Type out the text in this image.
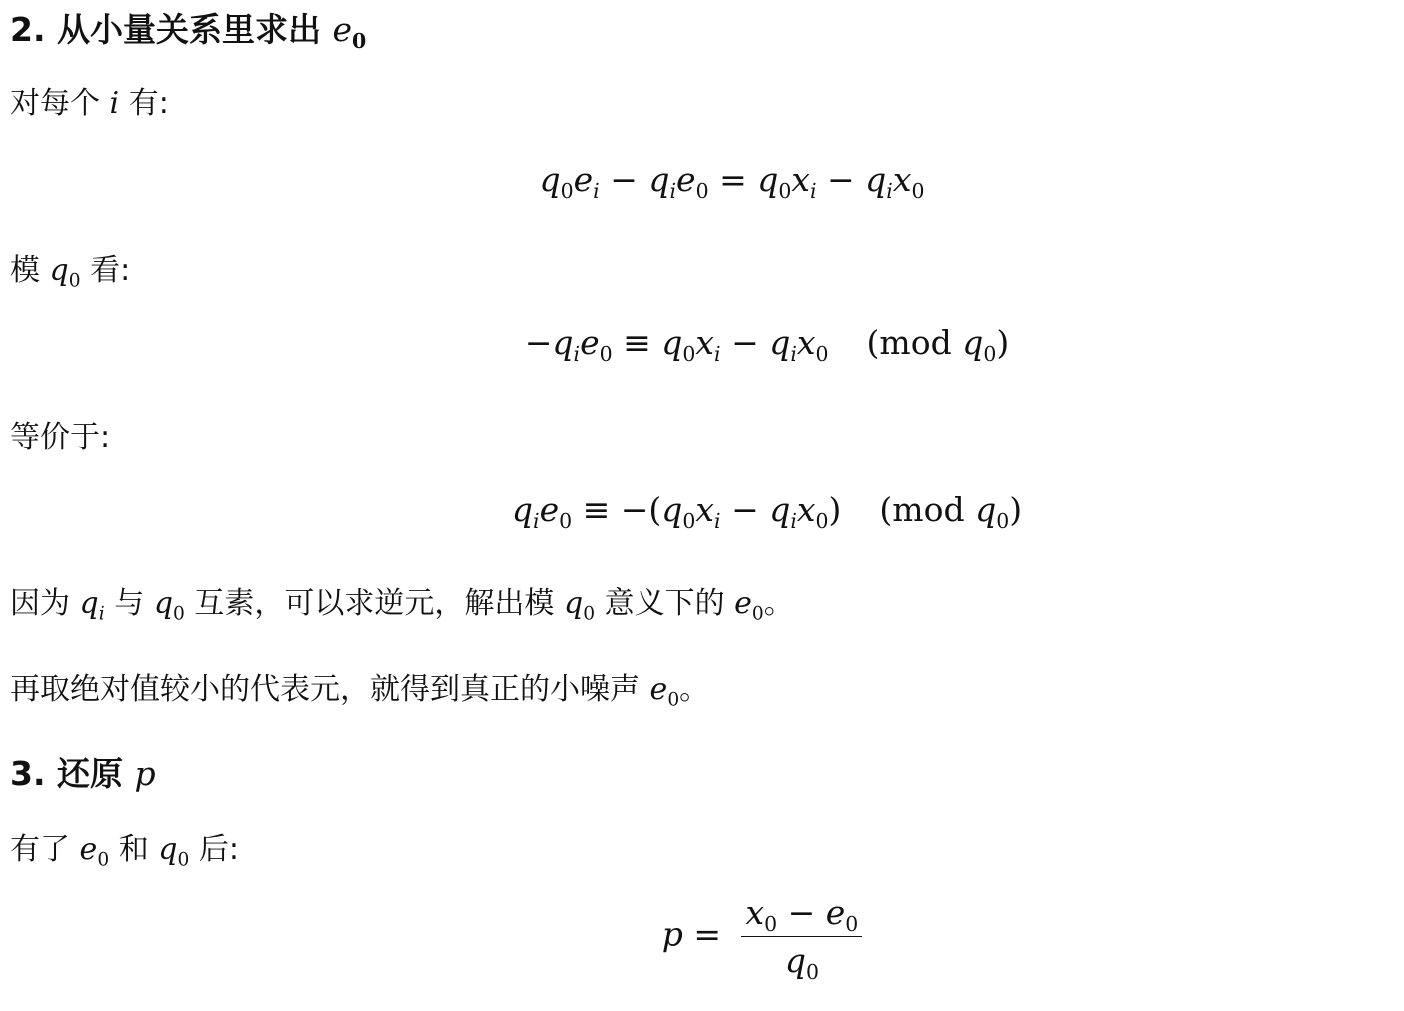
2. 从小量关系里求出 $e_0$
对每个 i 有:
$q_0e_i - q_ie_0 = q_0x_i - q_ix_0$
模 $q_0$ 看:
$-q_ie_0 \equiv q_0x_i - q_ix_0$ (mod $q_0$)
等价于:
$q_ie_0 \equiv -(q_0x_i - q_ix_0)$ (mod $q_0$)
因为 $q_i$ 与 $q_0$ 互素，可以求逆元，解出模 $q_0$ 意义下的 $e_0$。
再取绝对值较小的代表元，就得到真正的小噪声 $e_0$。
3. 还原 p
有了 $e_0$ 和 $q_0$ 后:
$p = \frac{x_0 - e_0}{q_0}$
